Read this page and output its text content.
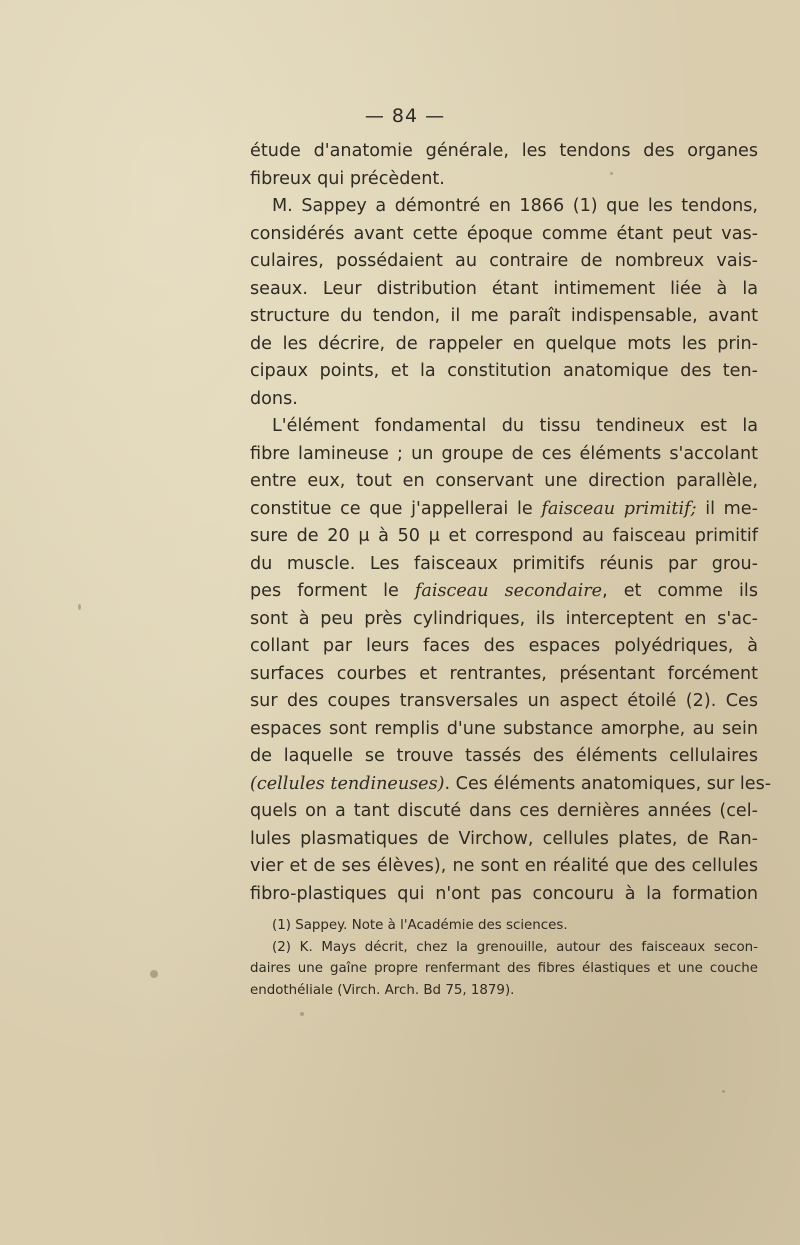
— 84 —
étude d'anatomie générale, les tendons des organes
fibreux qui précèdent.
M. Sappey a démontré en 1866 (1) que les tendons,
considérés avant cette époque comme étant peut vas-
culaires, possédaient au contraire de nombreux vais-
seaux. Leur distribution étant intimement liée à la
structure du tendon, il me paraît indispensable, avant
de les décrire, de rappeler en quelque mots les prin-
cipaux points, et la constitution anatomique des ten-
dons.
L'élément fondamental du tissu tendineux est la
fibre lamineuse ; un groupe de ces éléments s'accolant
entre eux, tout en conservant une direction parallèle,
constitue ce que j'appellerai le faisceau primitif; il me-
sure de 20 μ à 50 μ et correspond au faisceau primitif
du muscle. Les faisceaux primitifs réunis par grou-
pes forment le faisceau secondaire, et comme ils
sont à peu près cylindriques, ils interceptent en s'ac-
collant par leurs faces des espaces polyédriques, à
surfaces courbes et rentrantes, présentant forcément
sur des coupes transversales un aspect étoilé (2). Ces
espaces sont remplis d'une substance amorphe, au sein
de laquelle se trouve tassés des éléments cellulaires
(cellules tendineuses). Ces éléments anatomiques, sur les-
quels on a tant discuté dans ces dernières années (cel-
lules plasmatiques de Virchow, cellules plates, de Ran-
vier et de ses élèves), ne sont en réalité que des cellules
fibro-plastiques qui n'ont pas concouru à la formation
(1) Sappey. Note à l'Académie des sciences.
(2) K. Mays décrit, chez la grenouille, autour des faisceaux secon-
daires une gaîne propre renfermant des fibres élastiques et une couche
endothéliale (Virch. Arch. Bd 75, 1879).
